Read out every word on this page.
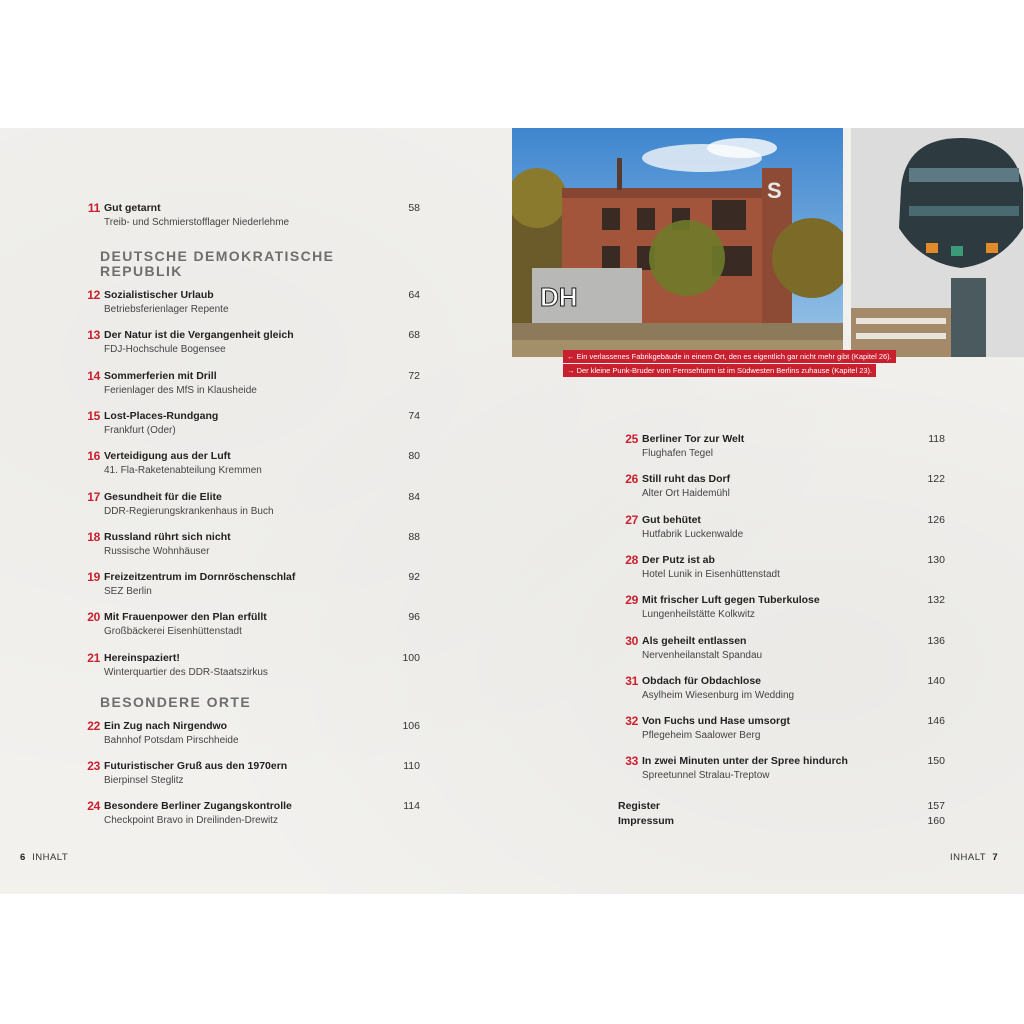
11 Gut getarnt
Treib- und Schmierstofflager Niederlehme
58
DEUTSCHE DEMOKRATISCHE REPUBLIK
12 Sozialistischer Urlaub
Betriebsferienlager Repente
64
13 Der Natur ist die Vergangenheit gleich
FDJ-Hochschule Bogensee
68
14 Sommerferien mit Drill
Ferienlager des MfS in Klausheide
72
15 Lost-Places-Rundgang
Frankfurt (Oder)
74
16 Verteidigung aus der Luft
41. Fla-Raketenabteilung Kremmen
80
17 Gesundheit für die Elite
DDR-Regierungskrankenhaus in Buch
84
18 Russland rührt sich nicht
Russische Wohnhäuser
88
19 Freizeitzentrum im Dornröschenschlaf
SEZ Berlin
92
20 Mit Frauenpower den Plan erfüllt
Großbäckerei Eisenhüttenstadt
96
21 Hereinspaziert!
Winterquartier des DDR-Staatszirkus
100
BESONDERE ORTE
22 Ein Zug nach Nirgendwo
Bahnhof Potsdam Pirschheide
106
23 Futuristischer Gruß aus den 1970ern
Bierpinsel Steglitz
110
24 Besondere Berliner Zugangskontrolle
Checkpoint Bravo in Dreilinden-Drewitz
114
6 INHALT
S
DH
← Ein verlassenes Fabrikgebäude in einem Ort, den es eigentlich gar nicht mehr gibt (Kapitel 26).
→ Der kleine Punk-Bruder vom Fernsehturm ist im Südwesten Berlins zuhause (Kapitel 23).
25 Berliner Tor zur Welt
Flughafen Tegel
118
26 Still ruht das Dorf
Alter Ort Haidemühl
122
27 Gut behütet
Hutfabrik Luckenwalde
126
28 Der Putz ist ab
Hotel Lunik in Eisenhüttenstadt
130
29 Mit frischer Luft gegen Tuberkulose
Lungenheilstätte Kolkwitz
132
30 Als geheilt entlassen
Nervenheilanstalt Spandau
136
31 Obdach für Obdachlose
Asylheim Wiesenburg im Wedding
140
32 Von Fuchs und Hase umsorgt
Pflegeheim Saalower Berg
146
33 In zwei Minuten unter der Spree hindurch
Spreetunnel Stralau-Treptow
150
Register	157
Impressum	160
INHALT 7
